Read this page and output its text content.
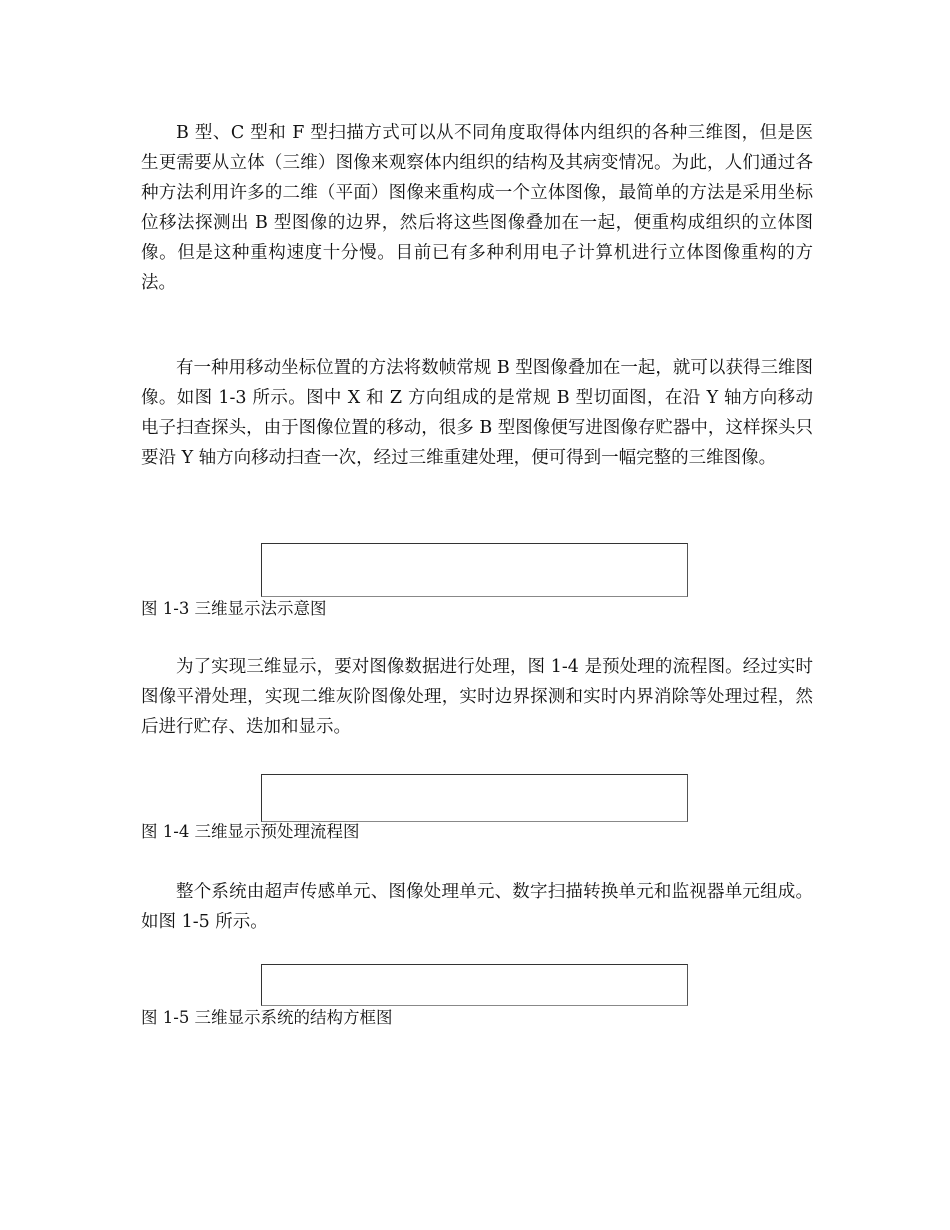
B 型、C 型和 F 型扫描方式可以从不同角度取得体内组织的各种三维图，但是医生更需要从立体（三维）图像来观察体内组织的结构及其病变情况。为此，人们通过各种方法利用许多的二维（平面）图像来重构成一个立体图像，最简单的方法是采用坐标位移法探测出 B 型图像的边界，然后将这些图像叠加在一起，便重构成组织的立体图像。但是这种重构速度十分慢。目前已有多种利用电子计算机进行立体图像重构的方法。

有一种用移动坐标位置的方法将数帧常规 B 型图像叠加在一起，就可以获得三维图像。如图 1-3 所示。图中 X 和 Z 方向组成的是常规 B 型切面图，在沿 Y 轴方向移动电子扫查探头，由于图像位置的移动，很多 B 型图像便写进图像存贮器中，这样探头只要沿 Y 轴方向移动扫查一次，经过三维重建处理，便可得到一幅完整的三维图像。

图 1-3 三维显示法示意图

为了实现三维显示，要对图像数据进行处理，图 1-4 是预处理的流程图。经过实时图像平滑处理，实现二维灰阶图像处理，实时边界探测和实时内界消除等处理过程，然后进行贮存、迭加和显示。

图 1-4 三维显示预处理流程图

整个系统由超声传感单元、图像处理单元、数字扫描转换单元和监视器单元组成。如图 1-5 所示。

图 1-5 三维显示系统的结构方框图
